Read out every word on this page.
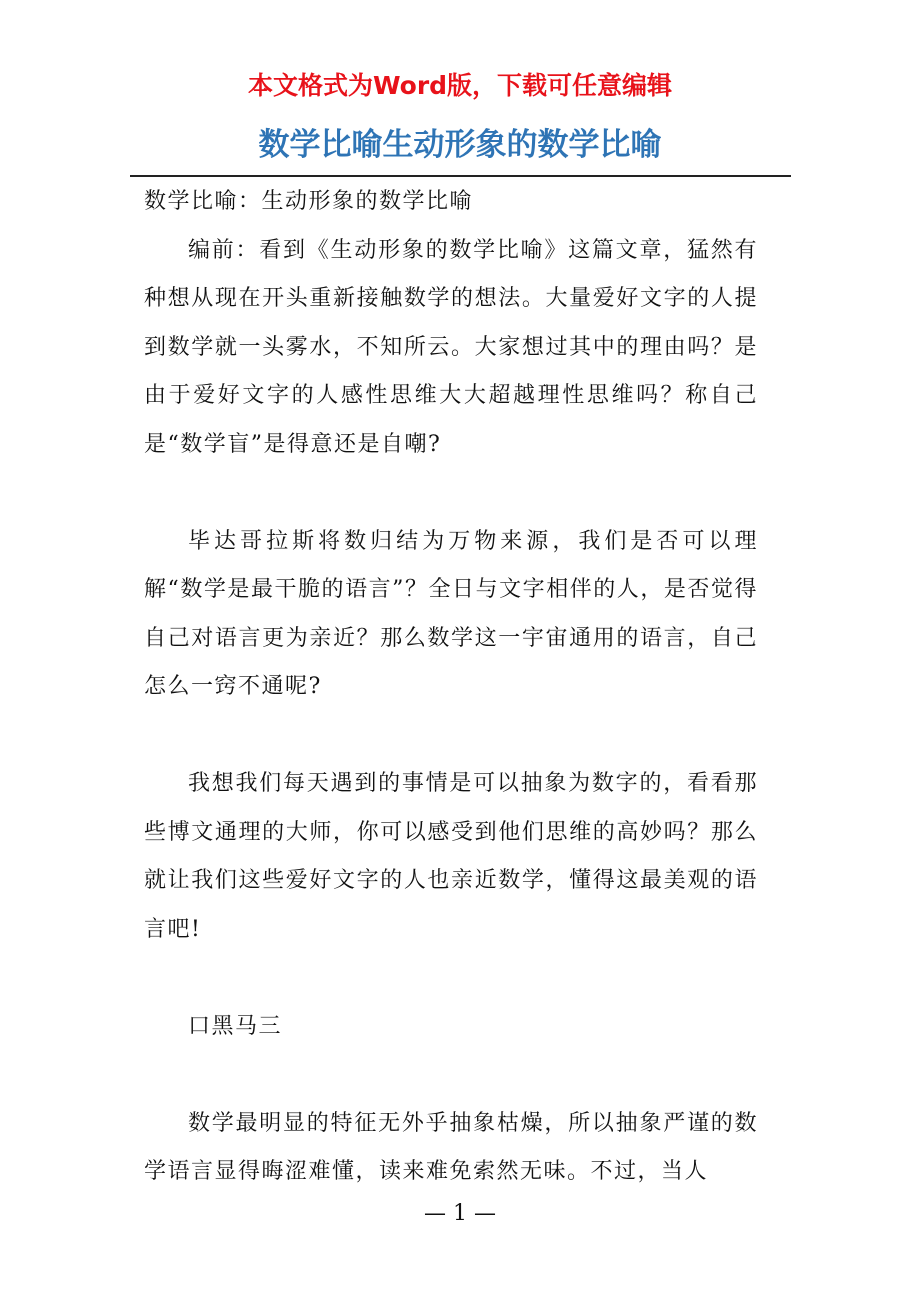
本文格式为Word版，下载可任意编辑
数学比喻生动形象的数学比喻

数学比喻：生动形象的数学比喻

编前：看到《生动形象的数学比喻》这篇文章，猛然有种想从现在开头重新接触数学的想法。大量爱好文字的人提到数学就一头雾水，不知所云。大家想过其中的理由吗？是由于爱好文字的人感性思维大大超越理性思维吗？称自己是“数学盲”是得意还是自嘲?

毕达哥拉斯将数归结为万物来源，我们是否可以理解“数学是最干脆的语言”？全日与文字相伴的人，是否觉得自己对语言更为亲近？那么数学这一宇宙通用的语言，自己怎么一窍不通呢?

我想我们每天遇到的事情是可以抽象为数字的，看看那些博文通理的大师，你可以感受到他们思维的高妙吗？那么就让我们这些爱好文字的人也亲近数学，懂得这最美观的语言吧!

口黑马三

数学最明显的特征无外乎抽象枯燥，所以抽象严谨的数学语言显得晦涩难懂，读来难免索然无味。不过，当人

— 1 —
